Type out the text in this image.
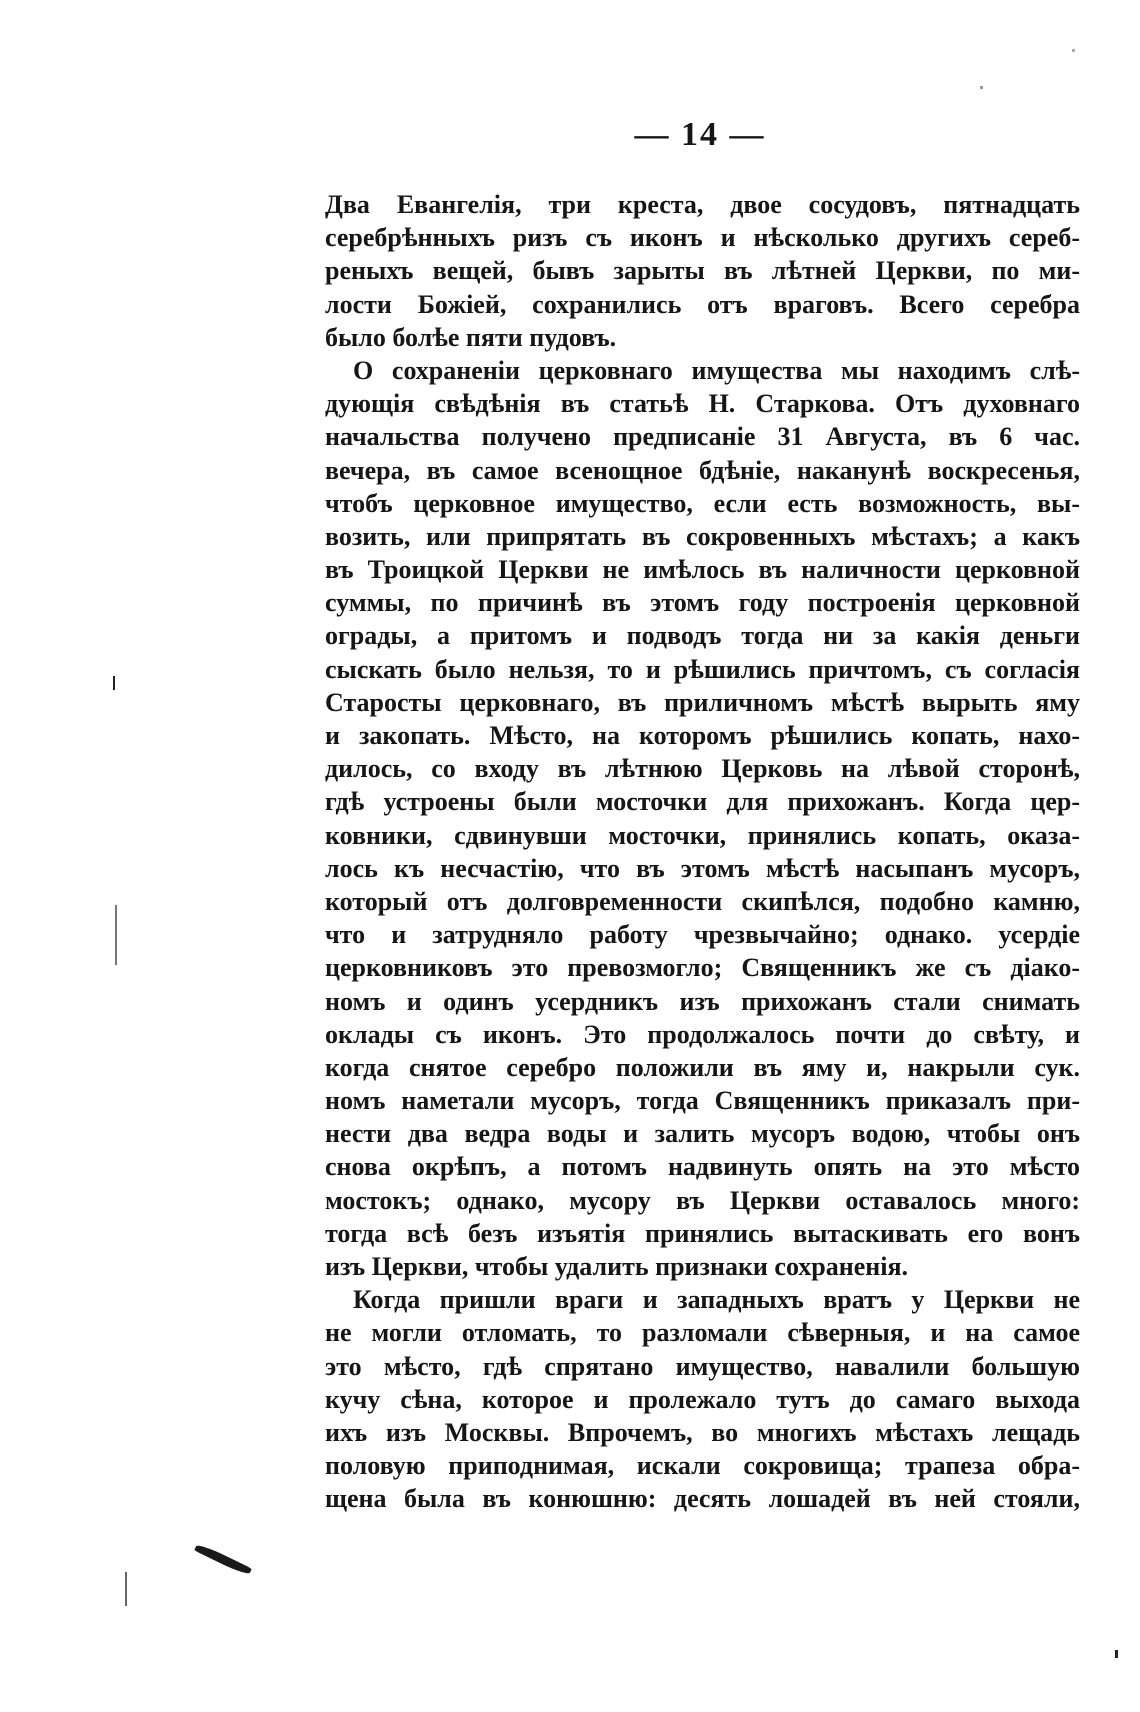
— 14 —
Два Евангелія, три креста, двое сосудовъ, пятнадцать
серебрѣнныхъ ризъ съ иконъ и нѣсколько другихъ сереб-
реныхъ вещей, бывъ зарыты въ лѣтней Церкви, по ми-
лости Божіей, сохранились отъ враговъ. Всего серебра
было болѣе пяти пудовъ.
О сохраненіи церковнаго имущества мы находимъ слѣ-
дующія свѣдѣнія въ статьѣ Н. Старкова. Отъ духовнаго
начальства получено предписаніе 31 Августа, въ 6 час.
вечера, въ самое всенощное бдѣніе, наканунѣ воскресенья,
чтобъ церковное имущество, если есть возможность, вы-
возить, или припрятать въ сокровенныхъ мѣстахъ; а какъ
въ Троицкой Церкви не имѣлось въ наличности церковной
суммы, по причинѣ въ этомъ году построенія церковной
ограды, а притомъ и подводъ тогда ни за какія деньги
сыскать было нельзя, то и рѣшились причтомъ, съ согласія
Старосты церковнаго, въ приличномъ мѣстѣ вырыть яму
и закопать. Мѣсто, на которомъ рѣшились копать, нахо-
дилось, со входу въ лѣтнюю Церковь на лѣвой сторонѣ,
гдѣ устроены были мосточки для прихожанъ. Когда цер-
ковники, сдвинувши мосточки, принялись копать, оказа-
лось къ несчастію, что въ этомъ мѣстѣ насыпанъ мусоръ,
который отъ долговременности скипѣлся, подобно камню,
что и затрудняло работу чрезвычайно; однако. усердіе
церковниковъ это превозмогло; Священникъ же съ діако-
номъ и одинъ усердникъ изъ прихожанъ стали снимать
оклады съ иконъ. Это продолжалось почти до свѣту, и
когда снятое серебро положили въ яму и, накрыли сук.
номъ наметали мусоръ, тогда Священникъ приказалъ при-
нести два ведра воды и залить мусоръ водою, чтобы онъ
снова окрѣпъ, а потомъ надвинуть опять на это мѣсто
мостокъ; однако, мусору въ Церкви оставалось много:
тогда всѣ безъ изъятія принялись вытаскивать его вонъ
изъ Церкви, чтобы удалить признаки сохраненія.
Когда пришли враги и западныхъ вратъ у Церкви не
не могли отломать, то разломали сѣверныя, и на самое
это мѣсто, гдѣ спрятано имущество, навалили большую
кучу сѣна, которое и пролежало тутъ до самаго выхода
ихъ изъ Москвы. Впрочемъ, во многихъ мѣстахъ лещадь
половую приподнимая, искали сокровища; трапеза обра-
щена была въ конюшню: десять лошадей въ ней стояли,
